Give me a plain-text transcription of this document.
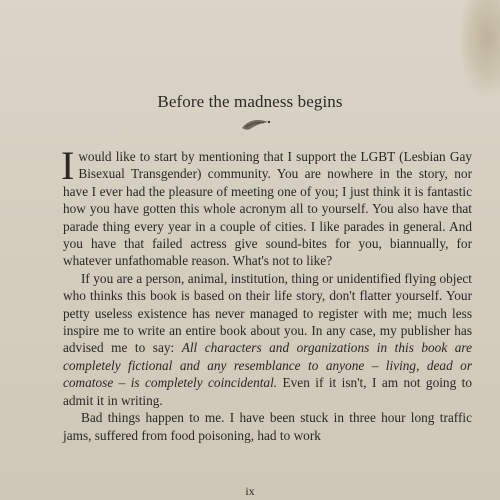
Before the madness begins

Iwould like to start by mentioning that I support the LGBT (Lesbian Gay Bisexual Transgender) community. You are nowhere in the story, nor have I ever had the pleasure of meeting one of you; I just think it is fantastic how you have gotten this whole acronym all to yourself. You also have that parade thing every year in a couple of cities. I like parades in general. And you have that failed actress give sound-bites for you, biannually, for whatever unfathomable reason. What's not to like?

If you are a person, animal, institution, thing or unidentified flying object who thinks this book is based on their life story, don't flatter yourself. Your petty useless existence has never managed to register with me; much less inspire me to write an entire book about you. In any case, my publisher has advised me to say: All characters and organizations in this book are completely fictional and any resemblance to anyone – living, dead or comatose – is completely coincidental. Even if it isn't, I am not going to admit it in writing.

Bad things happen to me. I have been stuck in three hour long traffic jams, suffered from food poisoning, had to work

ix
